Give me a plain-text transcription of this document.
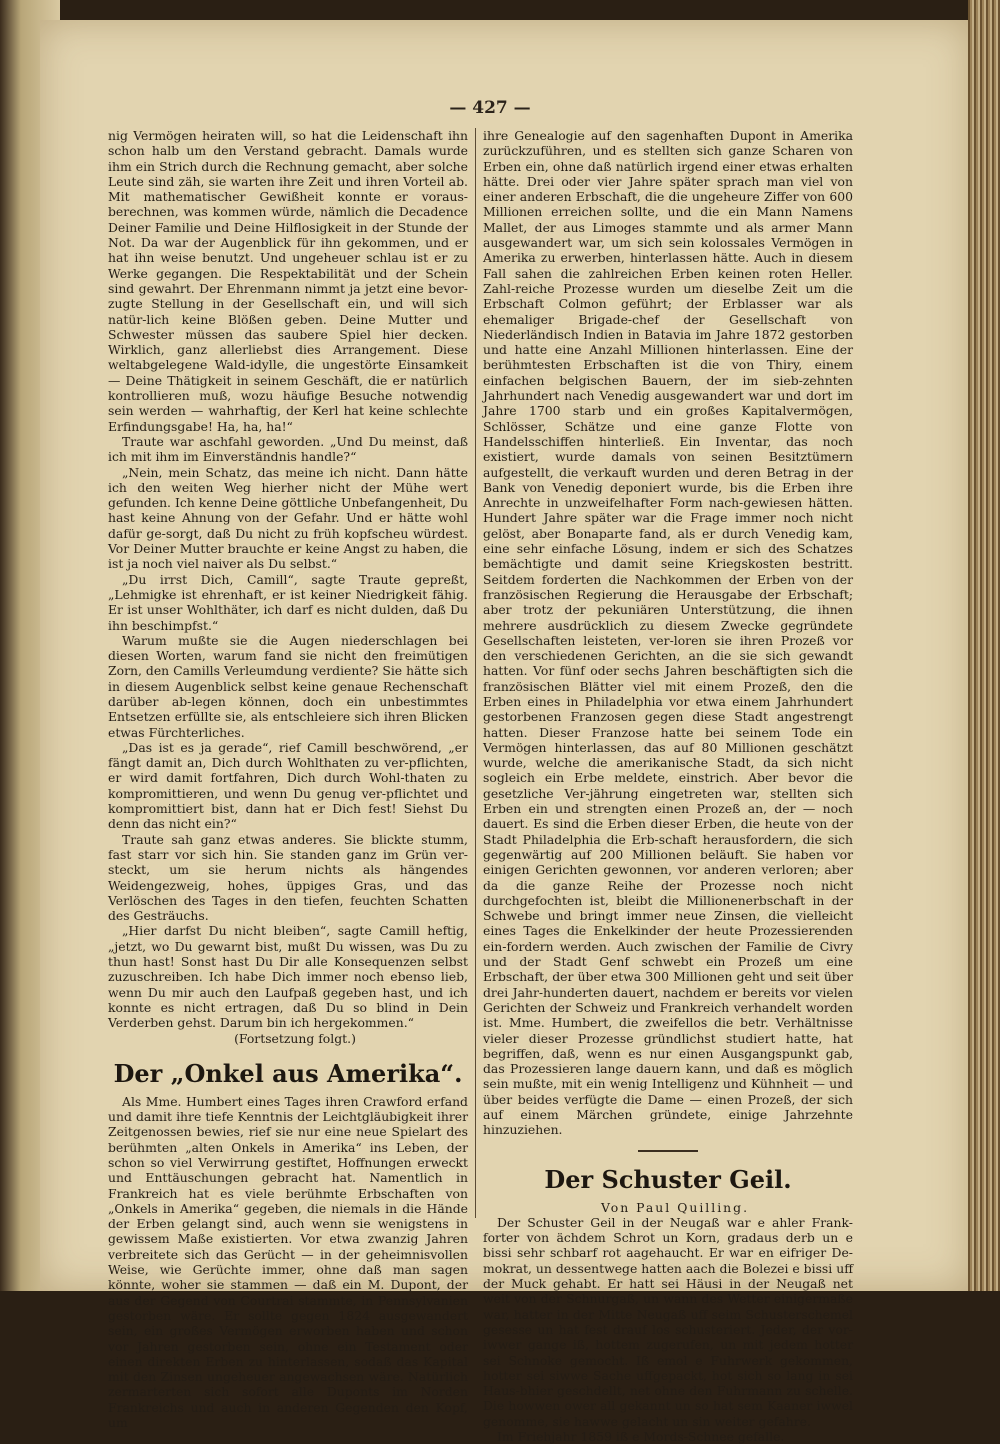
— 427 —

nig Vermögen heiraten will, so hat die Leidenschaft ihn schon halb um den Verstand gebracht. Damals wurde ihm ein Strich durch die Rechnung gemacht, aber solche Leute sind zäh, sie warten ihre Zeit und ihren Vorteil ab. Mit mathematischer Gewißheit konnte er voraus-berechnen, was kommen würde, nämlich die Decadence Deiner Familie und Deine Hilflosigkeit in der Stunde der Not. Da war der Augenblick für ihn gekommen, und er hat ihn weise benutzt. Und ungeheuer schlau ist er zu Werke gegangen. Die Respektabilität und der Schein sind gewahrt. Der Ehrenmann nimmt ja jetzt eine bevor-zugte Stellung in der Gesellschaft ein, und will sich natür-lich keine Blößen geben. Deine Mutter und Schwester müssen das saubere Spiel hier decken. Wirklich, ganz allerliebst dies Arrangement. Diese weltabgelegene Wald-idylle, die ungestörte Einsamkeit — Deine Thätigkeit in seinem Geschäft, die er natürlich kontrollieren muß, wozu häufige Besuche notwendig sein werden — wahrhaftig, der Kerl hat keine schlechte Erfindungsgabe! Ha, ha, ha!“

Traute war aschfahl geworden. „Und Du meinst, daß ich mit ihm im Einverständnis handle?“

„Nein, mein Schatz, das meine ich nicht. Dann hätte ich den weiten Weg hierher nicht der Mühe wert gefunden. Ich kenne Deine göttliche Unbefangenheit, Du hast keine Ahnung von der Gefahr. Und er hätte wohl dafür ge-sorgt, daß Du nicht zu früh kopfscheu würdest. Vor Deiner Mutter brauchte er keine Angst zu haben, die ist ja noch viel naiver als Du selbst.“

„Du irrst Dich, Camill“, sagte Traute gepreßt, „Lehmigke ist ehrenhaft, er ist keiner Niedrigkeit fähig. Er ist unser Wohlthäter, ich darf es nicht dulden, daß Du ihn beschimpfst.“

Warum mußte sie die Augen niederschlagen bei diesen Worten, warum fand sie nicht den freimütigen Zorn, den Camills Verleumdung verdiente? Sie hätte sich in diesem Augenblick selbst keine genaue Rechenschaft darüber ab-legen können, doch ein unbestimmtes Entsetzen erfüllte sie, als entschleiere sich ihren Blicken etwas Fürchterliches.

„Das ist es ja gerade“, rief Camill beschwörend, „er fängt damit an, Dich durch Wohlthaten zu ver-pflichten, er wird damit fortfahren, Dich durch Wohl-thaten zu kompromittieren, und wenn Du genug ver-pflichtet und kompromittiert bist, dann hat er Dich fest! Siehst Du denn das nicht ein?“

Traute sah ganz etwas anderes. Sie blickte stumm, fast starr vor sich hin. Sie standen ganz im Grün ver-steckt, um sie herum nichts als hängendes Weidengezweig, hohes, üppiges Gras, und das Verlöschen des Tages in den tiefen, feuchten Schatten des Gesträuchs.

„Hier darfst Du nicht bleiben“, sagte Camill heftig, „jetzt, wo Du gewarnt bist, mußt Du wissen, was Du zu thun hast! Sonst hast Du Dir alle Konsequenzen selbst zuzuschreiben. Ich habe Dich immer noch ebenso lieb, wenn Du mir auch den Laufpaß gegeben hast, und ich konnte es nicht ertragen, daß Du so blind in Dein Verderben gehst. Darum bin ich hergekommen.“

(Fortsetzung folgt.)

Der „Onkel aus Amerika“.

Als Mme. Humbert eines Tages ihren Crawford erfand und damit ihre tiefe Kenntnis der Leichtgläubigkeit ihrer Zeitgenossen bewies, rief sie nur eine neue Spielart des berühmten „alten Onkels in Amerika“ ins Leben, der schon so viel Verwirrung gestiftet, Hoffnungen erweckt und Enttäuschungen gebracht hat. Namentlich in Frankreich hat es viele berühmte Erbschaften von „Onkels in Amerika“ gegeben, die niemals in die Hände der Erben gelangt sind, auch wenn sie wenigstens in gewissem Maße existierten. Vor etwa zwanzig Jahren verbreitete sich das Gerücht — in der geheimnisvollen Weise, wie Gerüchte immer, ohne daß man sagen könnte, woher sie stammen — daß ein M. Dupont, der aus der Gegend von Courtrai stammte, in Pennsylvanien gestorben wäre. Er sollte gegen 1824 ausgewandert sein, ein großes Vermögen erworben haben und schon vor Jahren gestorben sein, ohne ein Testament oder einen direkten Erben zu hinterlassen, sodaß das Kapital mit den Zinsen ungeheuer angewachsen wäre. Natürlich zermarterten sich sofort alle Duponts im Norden Frankreichs und auch in anderen Gegenden den Kopf, um

ihre Genealogie auf den sagenhaften Dupont in Amerika zurückzuführen, und es stellten sich ganze Scharen von Erben ein, ohne daß natürlich irgend einer etwas erhalten hätte. Drei oder vier Jahre später sprach man viel von einer anderen Erbschaft, die die ungeheure Ziffer von 600 Millionen erreichen sollte, und die ein Mann Namens Mallet, der aus Limoges stammte und als armer Mann ausgewandert war, um sich sein kolossales Vermögen in Amerika zu erwerben, hinterlassen hätte. Auch in diesem Fall sahen die zahlreichen Erben keinen roten Heller. Zahl-reiche Prozesse wurden um dieselbe Zeit um die Erbschaft Colmon geführt; der Erblasser war als ehemaliger Brigade-chef der Gesellschaft von Niederländisch Indien in Batavia im Jahre 1872 gestorben und hatte eine Anzahl Millionen hinterlassen. Eine der berühmtesten Erbschaften ist die von Thiry, einem einfachen belgischen Bauern, der im sieb-zehnten Jahrhundert nach Venedig ausgewandert war und dort im Jahre 1700 starb und ein großes Kapitalvermögen, Schlösser, Schätze und eine ganze Flotte von Handelsschiffen hinterließ. Ein Inventar, das noch existiert, wurde damals von seinen Besitztümern aufgestellt, die verkauft wurden und deren Betrag in der Bank von Venedig deponiert wurde, bis die Erben ihre Anrechte in unzweifelhafter Form nach-gewiesen hätten. Hundert Jahre später war die Frage immer noch nicht gelöst, aber Bonaparte fand, als er durch Venedig kam, eine sehr einfache Lösung, indem er sich des Schatzes bemächtigte und damit seine Kriegskosten bestritt. Seitdem forderten die Nachkommen der Erben von der französischen Regierung die Herausgabe der Erbschaft; aber trotz der pekuniären Unterstützung, die ihnen mehrere ausdrücklich zu diesem Zwecke gegründete Gesellschaften leisteten, ver-loren sie ihren Prozeß vor den verschiedenen Gerichten, an die sie sich gewandt hatten. Vor fünf oder sechs Jahren beschäftigten sich die französischen Blätter viel mit einem Prozeß, den die Erben eines in Philadelphia vor etwa einem Jahrhundert gestorbenen Franzosen gegen diese Stadt angestrengt hatten. Dieser Franzose hatte bei seinem Tode ein Vermögen hinterlassen, das auf 80 Millionen geschätzt wurde, welche die amerikanische Stadt, da sich nicht sogleich ein Erbe meldete, einstrich. Aber bevor die gesetzliche Ver-jährung eingetreten war, stellten sich Erben ein und strengten einen Prozeß an, der — noch dauert. Es sind die Erben dieser Erben, die heute von der Stadt Philadelphia die Erb-schaft herausfordern, die sich gegenwärtig auf 200 Millionen beläuft. Sie haben vor einigen Gerichten gewonnen, vor anderen verloren; aber da die ganze Reihe der Prozesse noch nicht durchgefochten ist, bleibt die Millionenerbschaft in der Schwebe und bringt immer neue Zinsen, die vielleicht eines Tages die Enkelkinder der heute Prozessierenden ein-fordern werden. Auch zwischen der Familie de Civry und der Stadt Genf schwebt ein Prozeß um eine Erbschaft, der über etwa 300 Millionen geht und seit über drei Jahr-hunderten dauert, nachdem er bereits vor vielen Gerichten der Schweiz und Frankreich verhandelt worden ist. Mme. Humbert, die zweifellos die betr. Verhältnisse vieler dieser Prozesse gründlichst studiert hatte, hat begriffen, daß, wenn es nur einen Ausgangspunkt gab, das Prozessieren lange dauern kann, und daß es möglich sein mußte, mit ein wenig Intelligenz und Kühnheit — und über beides verfügte die Dame — einen Prozeß, der sich auf einem Märchen gründete, einige Jahrzehnte hinzuziehen.

Der Schuster Geil.

Von Paul Quilling.

Der Schuster Geil in der Neugaß war e ahler Frank-forter von ächdem Schrot un Korn, gradaus derb un e bissi sehr schbarf rot aagehaucht. Er war en eifriger De-mokrat, un dessentwege hatten aach die Bolezei e bissi uff der Muck gehabt. Er hatt sei Häusi in der Neugaß net weit von der Schnurgaß, un wann des Wetter einigermaße war, hatter in der Mitte Neugaß uff seim Schusterschemel gesesse un hat fest drauf los schusteriert. Jeder, der vor-iwwer gange iß, hottem zugerufen, un mit jedem hotter sei Schnoke gemocht. Iß emol e Fuhrwerk gekommen, hotter sei siwwe Sache uffgepackt, hot sich so lang in sei Haus-bhier geschdellt, net ohne den Fuhrmann zu schelle. Die howwen ower all gekannt un so hat sem Kaaner iwwel genomme, sie hawwe gelacht un sin weiter gefahre.

Im Friehjahr 1859 iß e Mords-Schnee gefalle.
